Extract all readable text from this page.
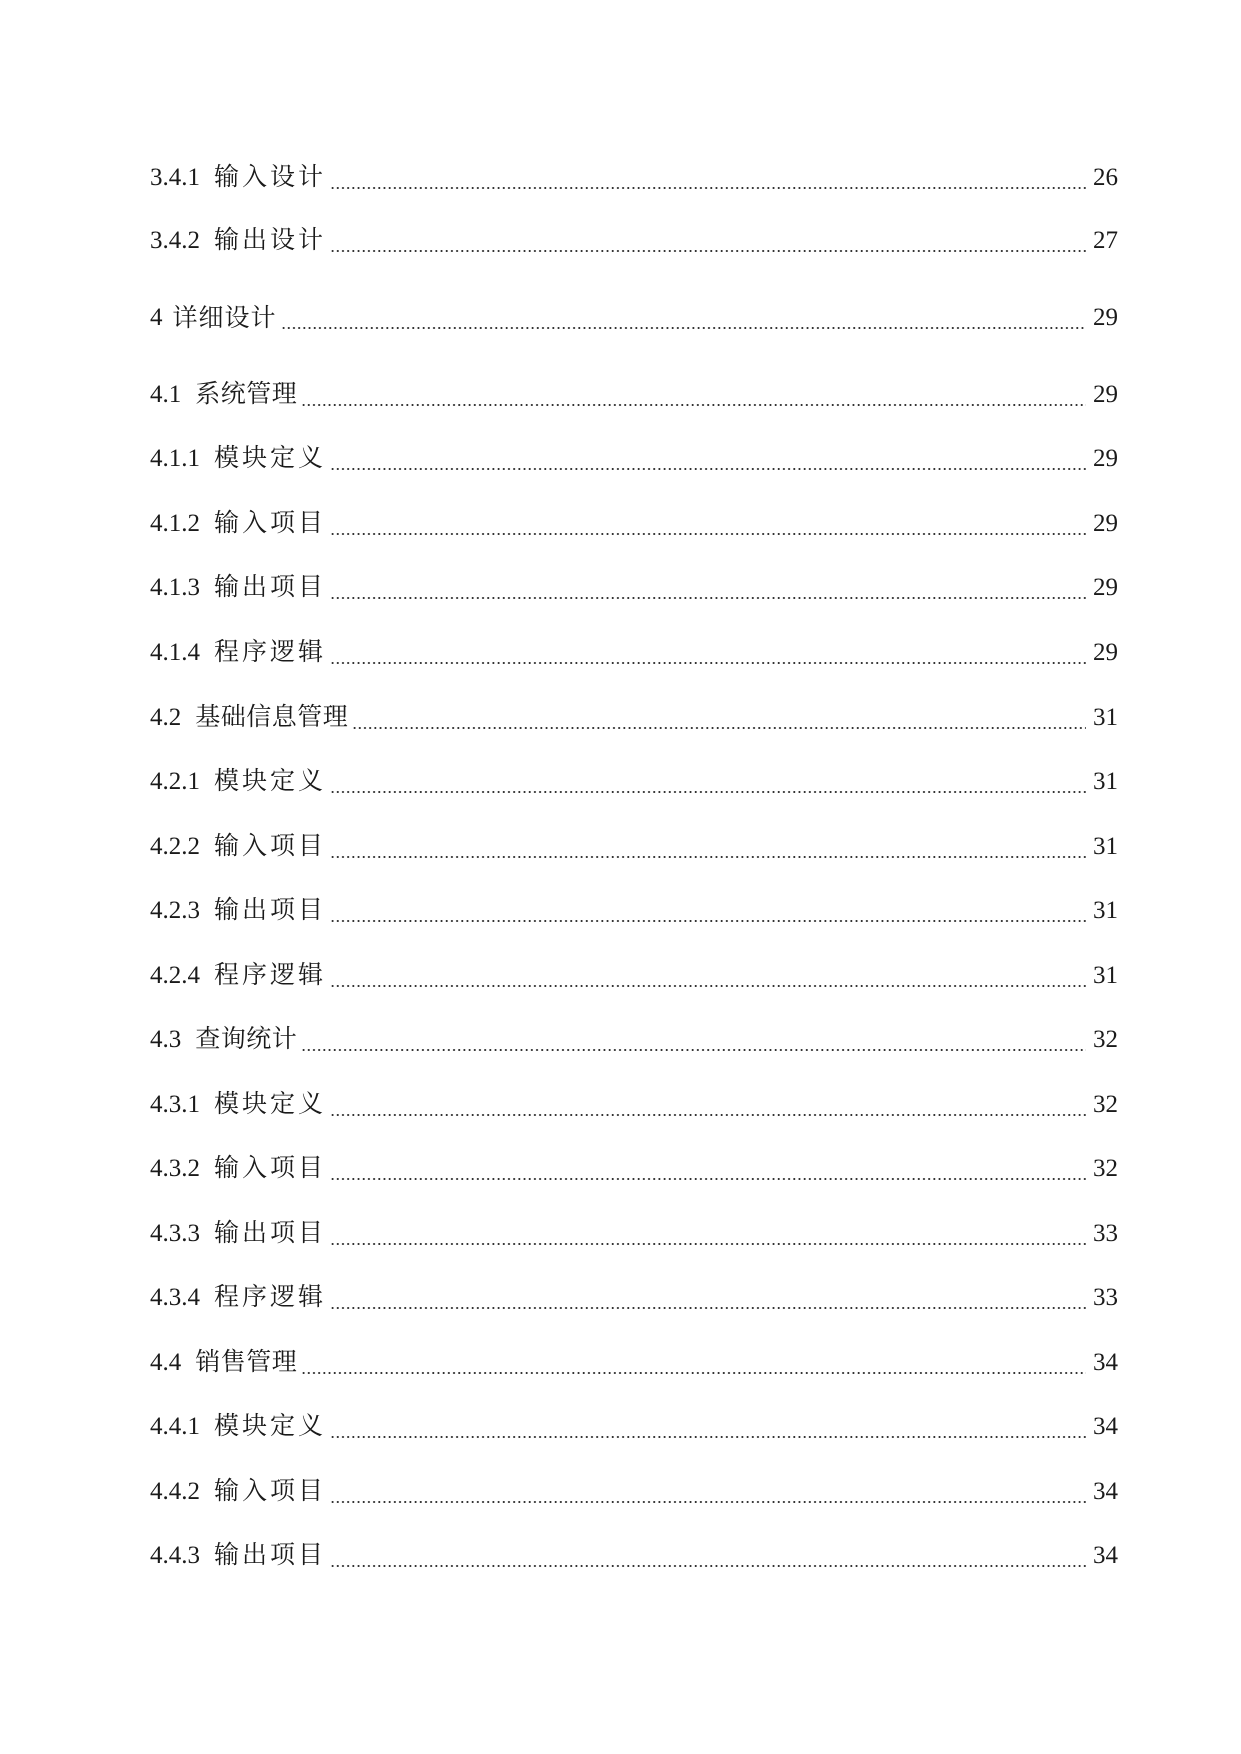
3.4.1 输入设计	26
3.4.2 输出设计	27
4 详细设计	29
4.1 系统管理	29
4.1.1 模块定义	29
4.1.2 输入项目	29
4.1.3 输出项目	29
4.1.4 程序逻辑	29
4.2 基础信息管理	31
4.2.1 模块定义	31
4.2.2 输入项目	31
4.2.3 输出项目	31
4.2.4 程序逻辑	31
4.3 查询统计	32
4.3.1 模块定义	32
4.3.2 输入项目	32
4.3.3 输出项目	33
4.3.4 程序逻辑	33
4.4 销售管理	34
4.4.1 模块定义	34
4.4.2 输入项目	34
4.4.3 输出项目	34
